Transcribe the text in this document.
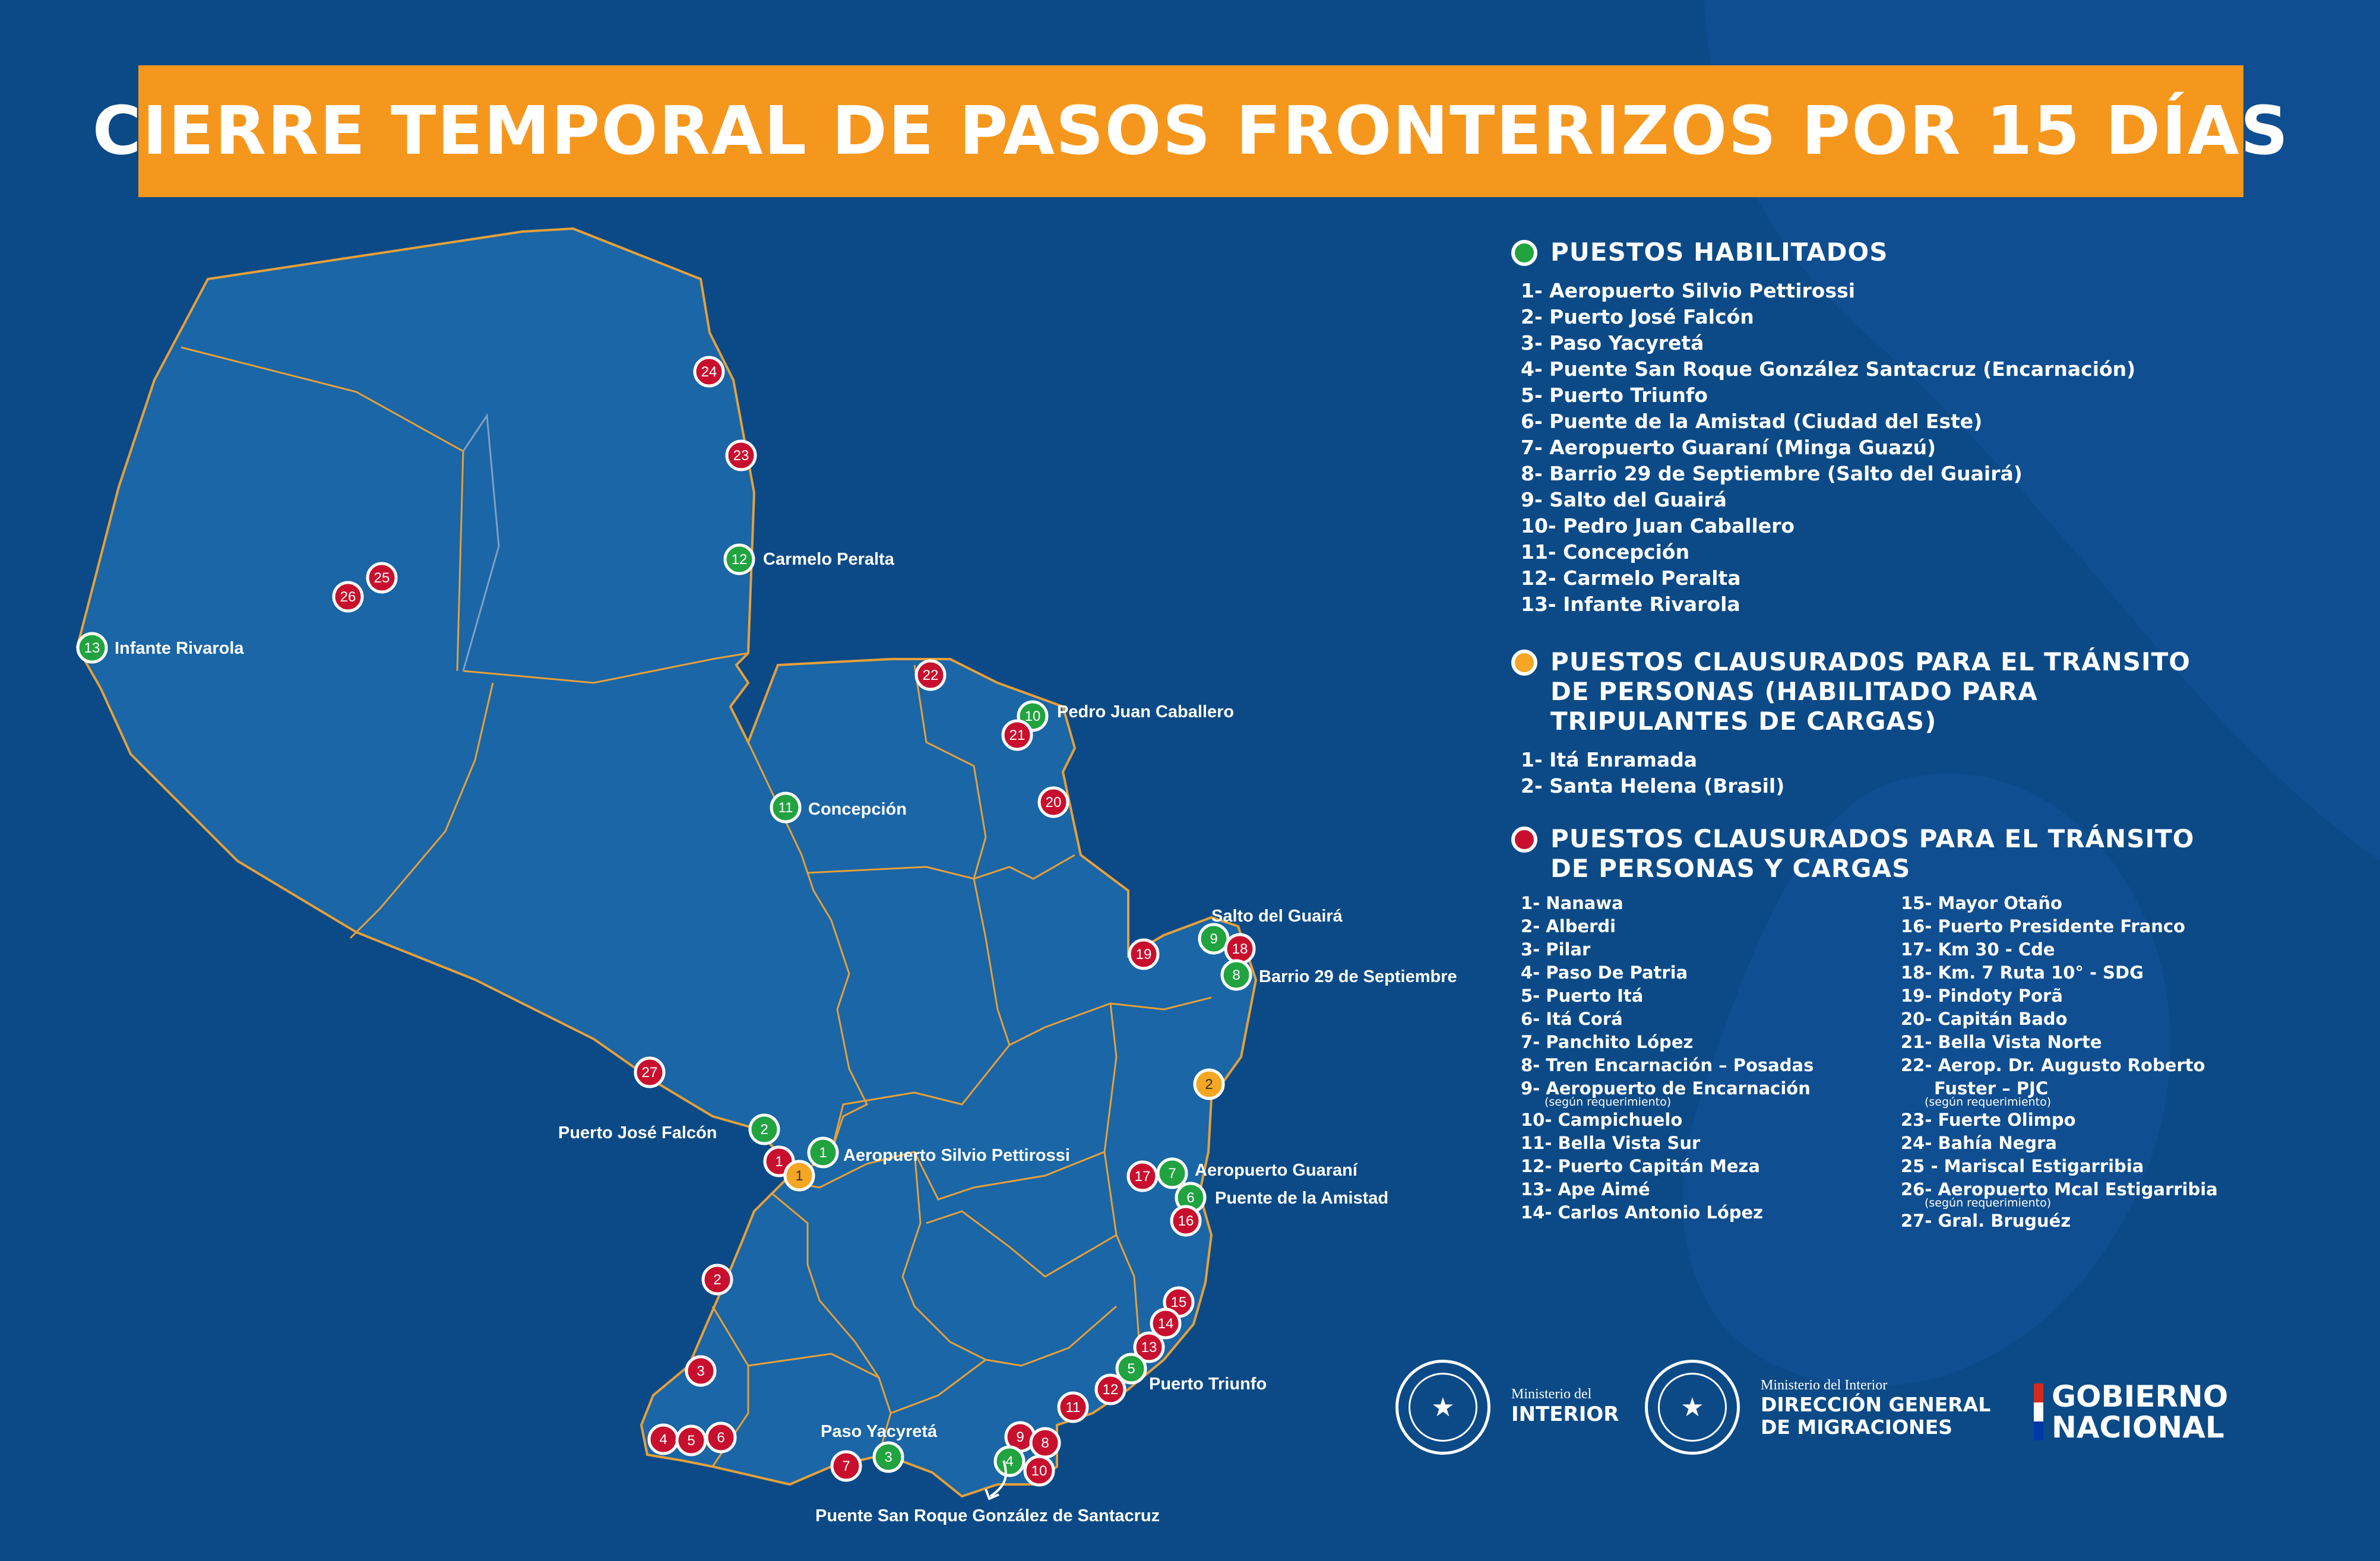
CIERRE TEMPORAL DE PASOS FRONTERIZOS POR 15 DÍAS
24
23
12
25
26
13
22
10
21
20
11
9
18
8
19
2
27
2
1
1
1	17 7
6
16
2
15
14
13
5
12
11
3
4 5 6
7
3
9 8
4
10
Carmelo Peralta
Infante Rivarola
Pedro Juan Caballero
Concepción
Salto del Guairá
Barrio 29 de Septiembre
Puerto José Falcón
Aeropuerto Silvio Pettirossi
Aeropuerto Guaraní
Puente de la Amistad
Puerto Triunfo
Paso Yacyretá
Puente San Roque González de Santacruz
PUESTOS HABILITADOS
1- Aeropuerto Silvio Pettirossi
2- Puerto José Falcón
3- Paso Yacyretá
4- Puente San Roque González Santacruz (Encarnación)
5- Puerto Triunfo
6- Puente de la Amistad (Ciudad del Este)
7- Aeropuerto Guaraní (Minga Guazú)
8- Barrio 29 de Septiembre (Salto del Guairá)
9- Salto del Guairá
10- Pedro Juan Caballero
11- Concepción
12- Carmelo Peralta
13- Infante Rivarola
PUESTOS CLAUSURAD0S PARA EL TRÁNSITO
DE PERSONAS (HABILITADO PARA
TRIPULANTES DE CARGAS)
1- Itá Enramada
2- Santa Helena (Brasil)
PUESTOS CLAUSURADOS PARA EL TRÁNSITO
DE PERSONAS Y CARGAS
1- Nanawa
2- Alberdi
3- Pilar
4- Paso De Patria
5- Puerto Itá
6- Itá Corá
7- Panchito López
8- Tren Encarnación – Posadas
9- Aeropuerto de Encarnación
(según requerimiento)
10- Campichuelo
11- Bella Vista Sur
12- Puerto Capitán Meza
13- Ape Aimé
14- Carlos Antonio López
15- Mayor Otaño
16- Puerto Presidente Franco
17- Km 30 - Cde
18- Km. 7 Ruta 10° - SDG
19- Pindoty Porã
20- Capitán Bado
21- Bella Vista Norte
22- Aerop. Dr. Augusto Roberto
Fuster – PJC
(según requerimiento)
23- Fuerte Olimpo
24- Bahía Negra
25 - Mariscal Estigarribia
26- Aeropuerto Mcal Estigarribia
(según requerimiento)
27- Gral. Bruguéz
★	Ministerio del
INTERIOR	★
Ministerio del Interior
DIRECCIÓN GENERAL
DE MIGRACIONES
GOBIERNO
NACIONAL
